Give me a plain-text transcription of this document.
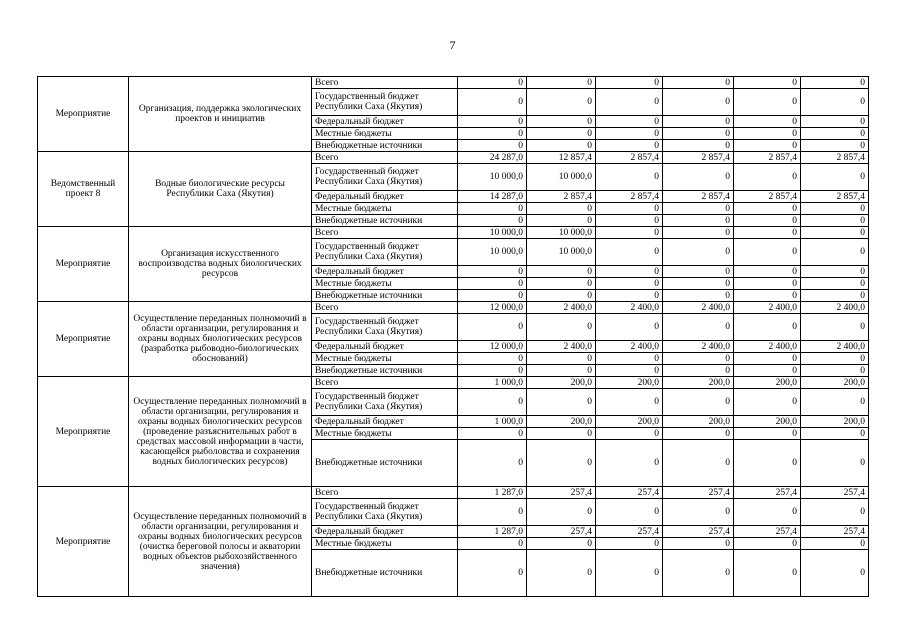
7
Мероприятие	Организация, поддержка экологических проектов и инициатив	Всего	0	0	0	0	0	0
		Государственный бюджет Республики Саха (Якутия)	0	0	0	0	0	0
		Федеральный бюджет	0	0	0	0	0	0
		Местные бюджеты	0	0	0	0	0	0
		Внебюджетные источники	0	0	0	0	0	0
Ведомственный проект 8	Водные биологические ресурсы Республики Саха (Якутия)	Всего	24 287,0	12 857,4	2 857,4	2 857,4	2 857,4	2 857,4
		Государственный бюджет Республики Саха (Якутия)	10 000,0	10 000,0	0	0	0	0
		Федеральный бюджет	14 287,0	2 857,4	2 857,4	2 857,4	2 857,4	2 857,4
		Местные бюджеты	0	0	0	0	0	0
		Внебюджетные источники	0	0	0	0	0	0
Мероприятие	Организация искусственного воспроизводства водных биологических ресурсов	Всего	10 000,0	10 000,0	0	0	0	0
		Государственный бюджет Республики Саха (Якутия)	10 000,0	10 000,0	0	0	0	0
		Федеральный бюджет	0	0	0	0	0	0
		Местные бюджеты	0	0	0	0	0	0
		Внебюджетные источники	0	0	0	0	0	0
Мероприятие	Осуществление переданных полномочий в области организации, регулирования и охраны водных биологических ресурсов (разработка рыбоводно-биологических обоснований)	Всего	12 000,0	2 400,0	2 400,0	2 400,0	2 400,0	2 400,0
		Государственный бюджет Республики Саха (Якутия)	0	0	0	0	0	0
		Федеральный бюджет	12 000,0	2 400,0	2 400,0	2 400,0	2 400,0	2 400,0
		Местные бюджеты	0	0	0	0	0	0
		Внебюджетные источники	0	0	0	0	0	0
Мероприятие	Осуществление переданных полномочий в области организации, регулирования и охраны водных биологических ресурсов (проведение разъяснительных работ в средствах массовой информации в части, касающейся рыболовства и сохранения водных биологических ресурсов)	Всего	1 000,0	200,0	200,0	200,0	200,0	200,0
		Государственный бюджет Республики Саха (Якутия)	0	0	0	0	0	0
		Федеральный бюджет	1 000,0	200,0	200,0	200,0	200,0	200,0
		Местные бюджеты	0	0	0	0	0	0
		Внебюджетные источники	0	0	0	0	0	0
Мероприятие	Осуществление переданных полномочий в области организации, регулирования и охраны водных биологических ресурсов (очистка береговой полосы и акватории водных объектов рыбохозяйственного значения)	Всего	1 287,0	257,4	257,4	257,4	257,4	257,4
		Государственный бюджет Республики Саха (Якутия)	0	0	0	0	0	0
		Федеральный бюджет	1 287,0	257,4	257,4	257,4	257,4	257,4
		Местные бюджеты	0	0	0	0	0	0
		Внебюджетные источники	0	0	0	0	0	0
